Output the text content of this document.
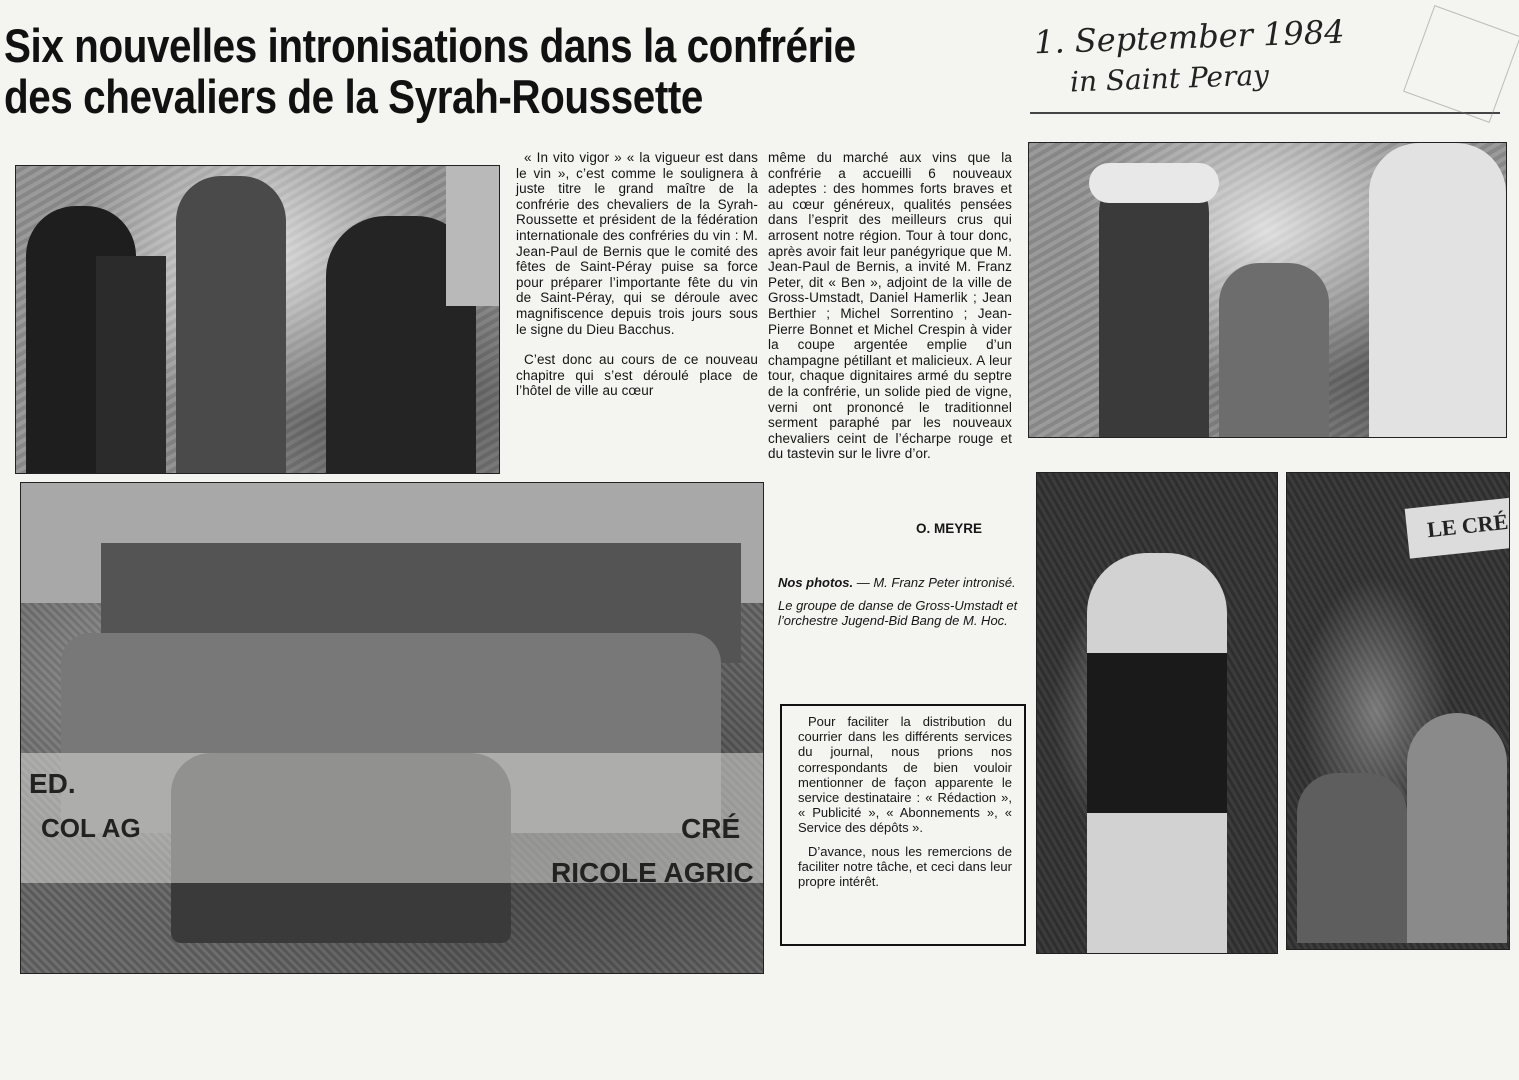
Six nouvelles intronisations dans la confrérie des chevaliers de la Syrah-Roussette
1. September 1984
in Saint Peray
ED.
COL AG	CRÉ
RICOLE AGRIC
LE CRÉ

« In vito vigor » « la vigueur est dans le vin », c’est comme le soulignera à juste titre le grand maître de la confrérie des chevaliers de la Syrah-Roussette et président de la fédération internationale des confréries du vin : M. Jean-Paul de Bernis que le comité des fêtes de Saint-Péray puise sa force pour préparer l’importante fête du vin de Saint-Péray, qui se déroule avec magnifiscence depuis trois jours sous le signe du Dieu Bacchus.

C’est donc au cours de ce nouveau chapitre qui s’est déroulé place de l’hôtel de ville au cœur

même du marché aux vins que la confrérie a accueilli 6 nouveaux adeptes : des hommes forts braves et au cœur généreux, qualités pensées dans l’esprit des meilleurs crus qui arrosent notre région. Tour à tour donc, après avoir fait leur panégyrique que M. Jean-Paul de Bernis, a invité M. Franz Peter, dit « Ben », adjoint de la ville de Gross-Umstadt, Daniel Hamerlik ; Jean Berthier ; Michel Sorrentino ; Jean-Pierre Bonnet et Michel Crespin à vider la coupe argentée emplie d’un champagne pétillant et malicieux. A leur tour, chaque dignitaires armé du septre de la confrérie, un solide pied de vigne, verni ont prononcé le traditionnel serment paraphé par les nouveaux chevaliers ceint de l’écharpe rouge et du tastevin sur le livre d’or.

O. MEYRE

Nos photos. — M. Franz Peter intronisé.

Le groupe de danse de Gross-Umstadt et l’orchestre Jugend-Bid Bang de M. Hoc.

Pour faciliter la distribution du courrier dans les différents services du journal, nous prions nos correspondants de bien vouloir mentionner de façon apparente le service destinataire : « Rédaction », « Publicité », « Abonnements », « Service des dépôts ».

D’avance, nous les remercions de faciliter notre tâche, et ceci dans leur propre intérêt.
